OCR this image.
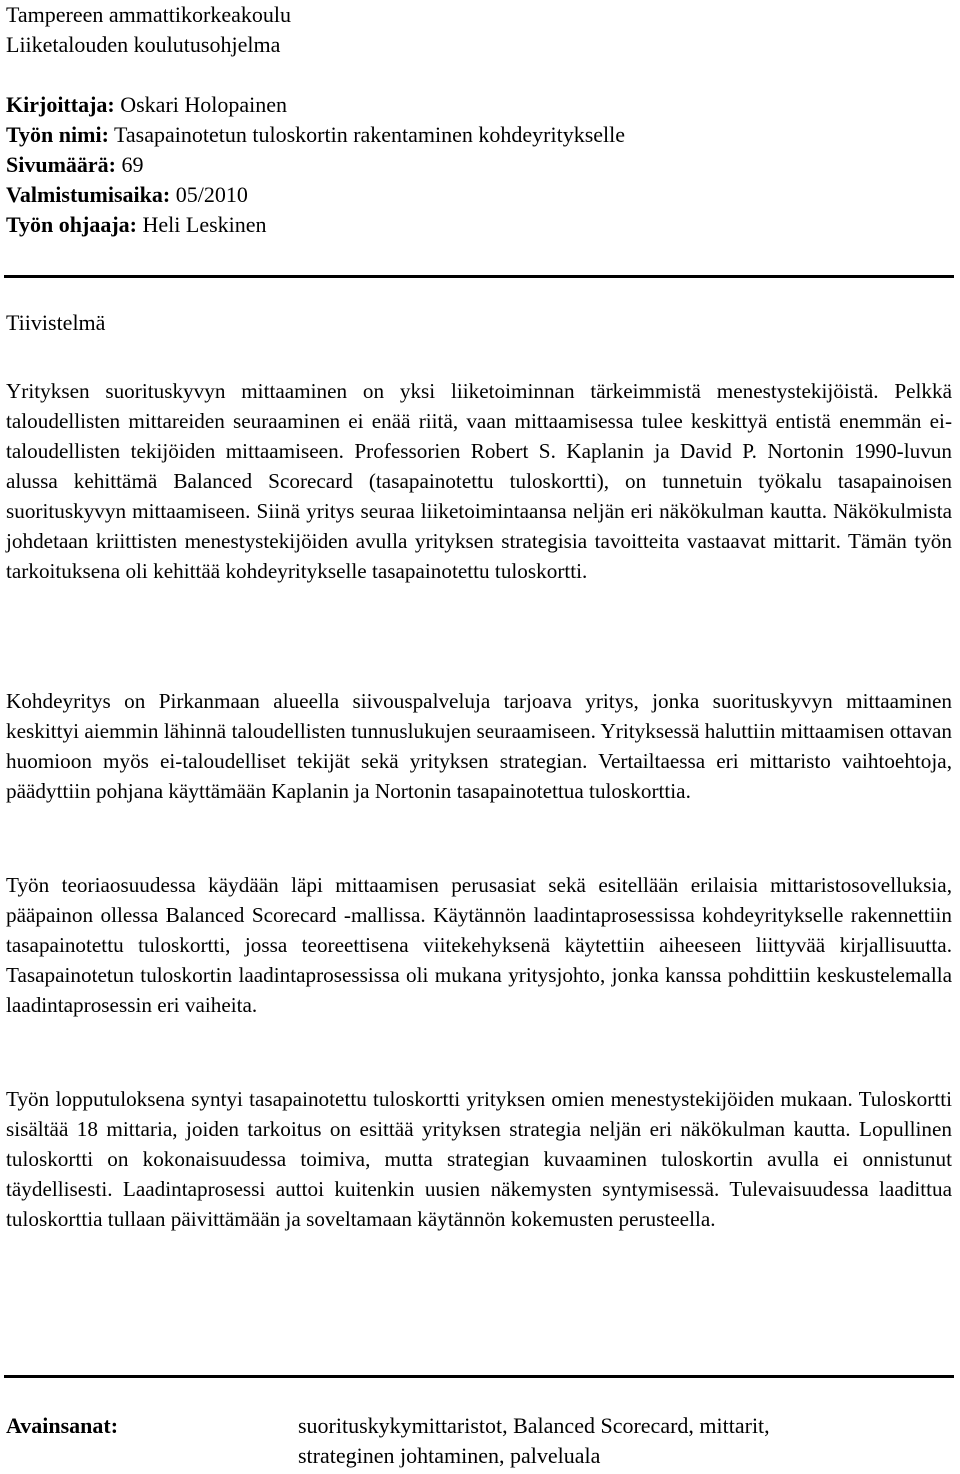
Tampereen ammattikorkeakoulu
Liiketalouden koulutusohjelma
Kirjoittaja: Oskari Holopainen
Työn nimi: Tasapainotetun tuloskortin rakentaminen kohdeyritykselle
Sivumäärä: 69
Valmistumisaika: 05/2010
Työn ohjaaja: Heli Leskinen
Tiivistelmä
Yrityksen suorituskyvyn mittaaminen on yksi liiketoiminnan tärkeimmistä menestystekijöistä. Pelkkä taloudellisten mittareiden seuraaminen ei enää riitä, vaan mittaamisessa tulee keskittyä entistä enemmän ei-taloudellisten tekijöiden mittaamiseen. Professorien Robert S. Kaplanin ja David P. Nortonin 1990-luvun alussa kehittämä Balanced Scorecard (tasapainotettu tuloskortti), on tunnetuin työkalu tasapainoisen suorituskyvyn mittaamiseen. Siinä yritys seuraa liiketoimintaansa neljän eri näkökulman kautta. Näkökulmista johdetaan kriittisten menestystekijöiden avulla yrityksen strategisia tavoitteita vastaavat mittarit. Tämän työn tarkoituksena oli kehittää kohdeyritykselle tasapainotettu tuloskortti.
Kohdeyritys on Pirkanmaan alueella siivouspalveluja tarjoava yritys, jonka suorituskyvyn mittaaminen keskittyi aiemmin lähinnä taloudellisten tunnuslukujen seuraamiseen. Yrityksessä haluttiin mittaamisen ottavan huomioon myös ei-taloudelliset tekijät sekä yrityksen strategian. Vertailtaessa eri mittaristo vaihtoehtoja, päädyttiin pohjana käyttämään Kaplanin ja Nortonin tasapainotettua tuloskorttia.
Työn teoriaosuudessa käydään läpi mittaamisen perusasiat sekä esitellään erilaisia mittaristosovelluksia, pääpainon ollessa Balanced Scorecard -mallissa. Käytännön laadintaprosessissa kohdeyritykselle rakennettiin tasapainotettu tuloskortti, jossa teoreettisena viitekehyksenä käytettiin aiheeseen liittyvää kirjallisuutta. Tasapainotetun tuloskortin laadintaprosessissa oli mukana yritysjohto, jonka kanssa pohdittiin keskustelemalla laadintaprosessin eri vaiheita.
Työn lopputuloksena syntyi tasapainotettu tuloskortti yrityksen omien menestystekijöiden mukaan. Tuloskortti sisältää 18 mittaria, joiden tarkoitus on esittää yrityksen strategia neljän eri näkökulman kautta. Lopullinen tuloskortti on kokonaisuudessa toimiva, mutta strategian kuvaaminen tuloskortin avulla ei onnistunut täydellisesti. Laadintaprosessi auttoi kuitenkin uusien näkemysten syntymisessä. Tulevaisuudessa laadittua tuloskorttia tullaan päivittämään ja soveltamaan käytännön kokemusten perusteella.
Avainsanat:	suorituskykymittaristot, Balanced Scorecard, mittarit,
strateginen johtaminen, palveluala
